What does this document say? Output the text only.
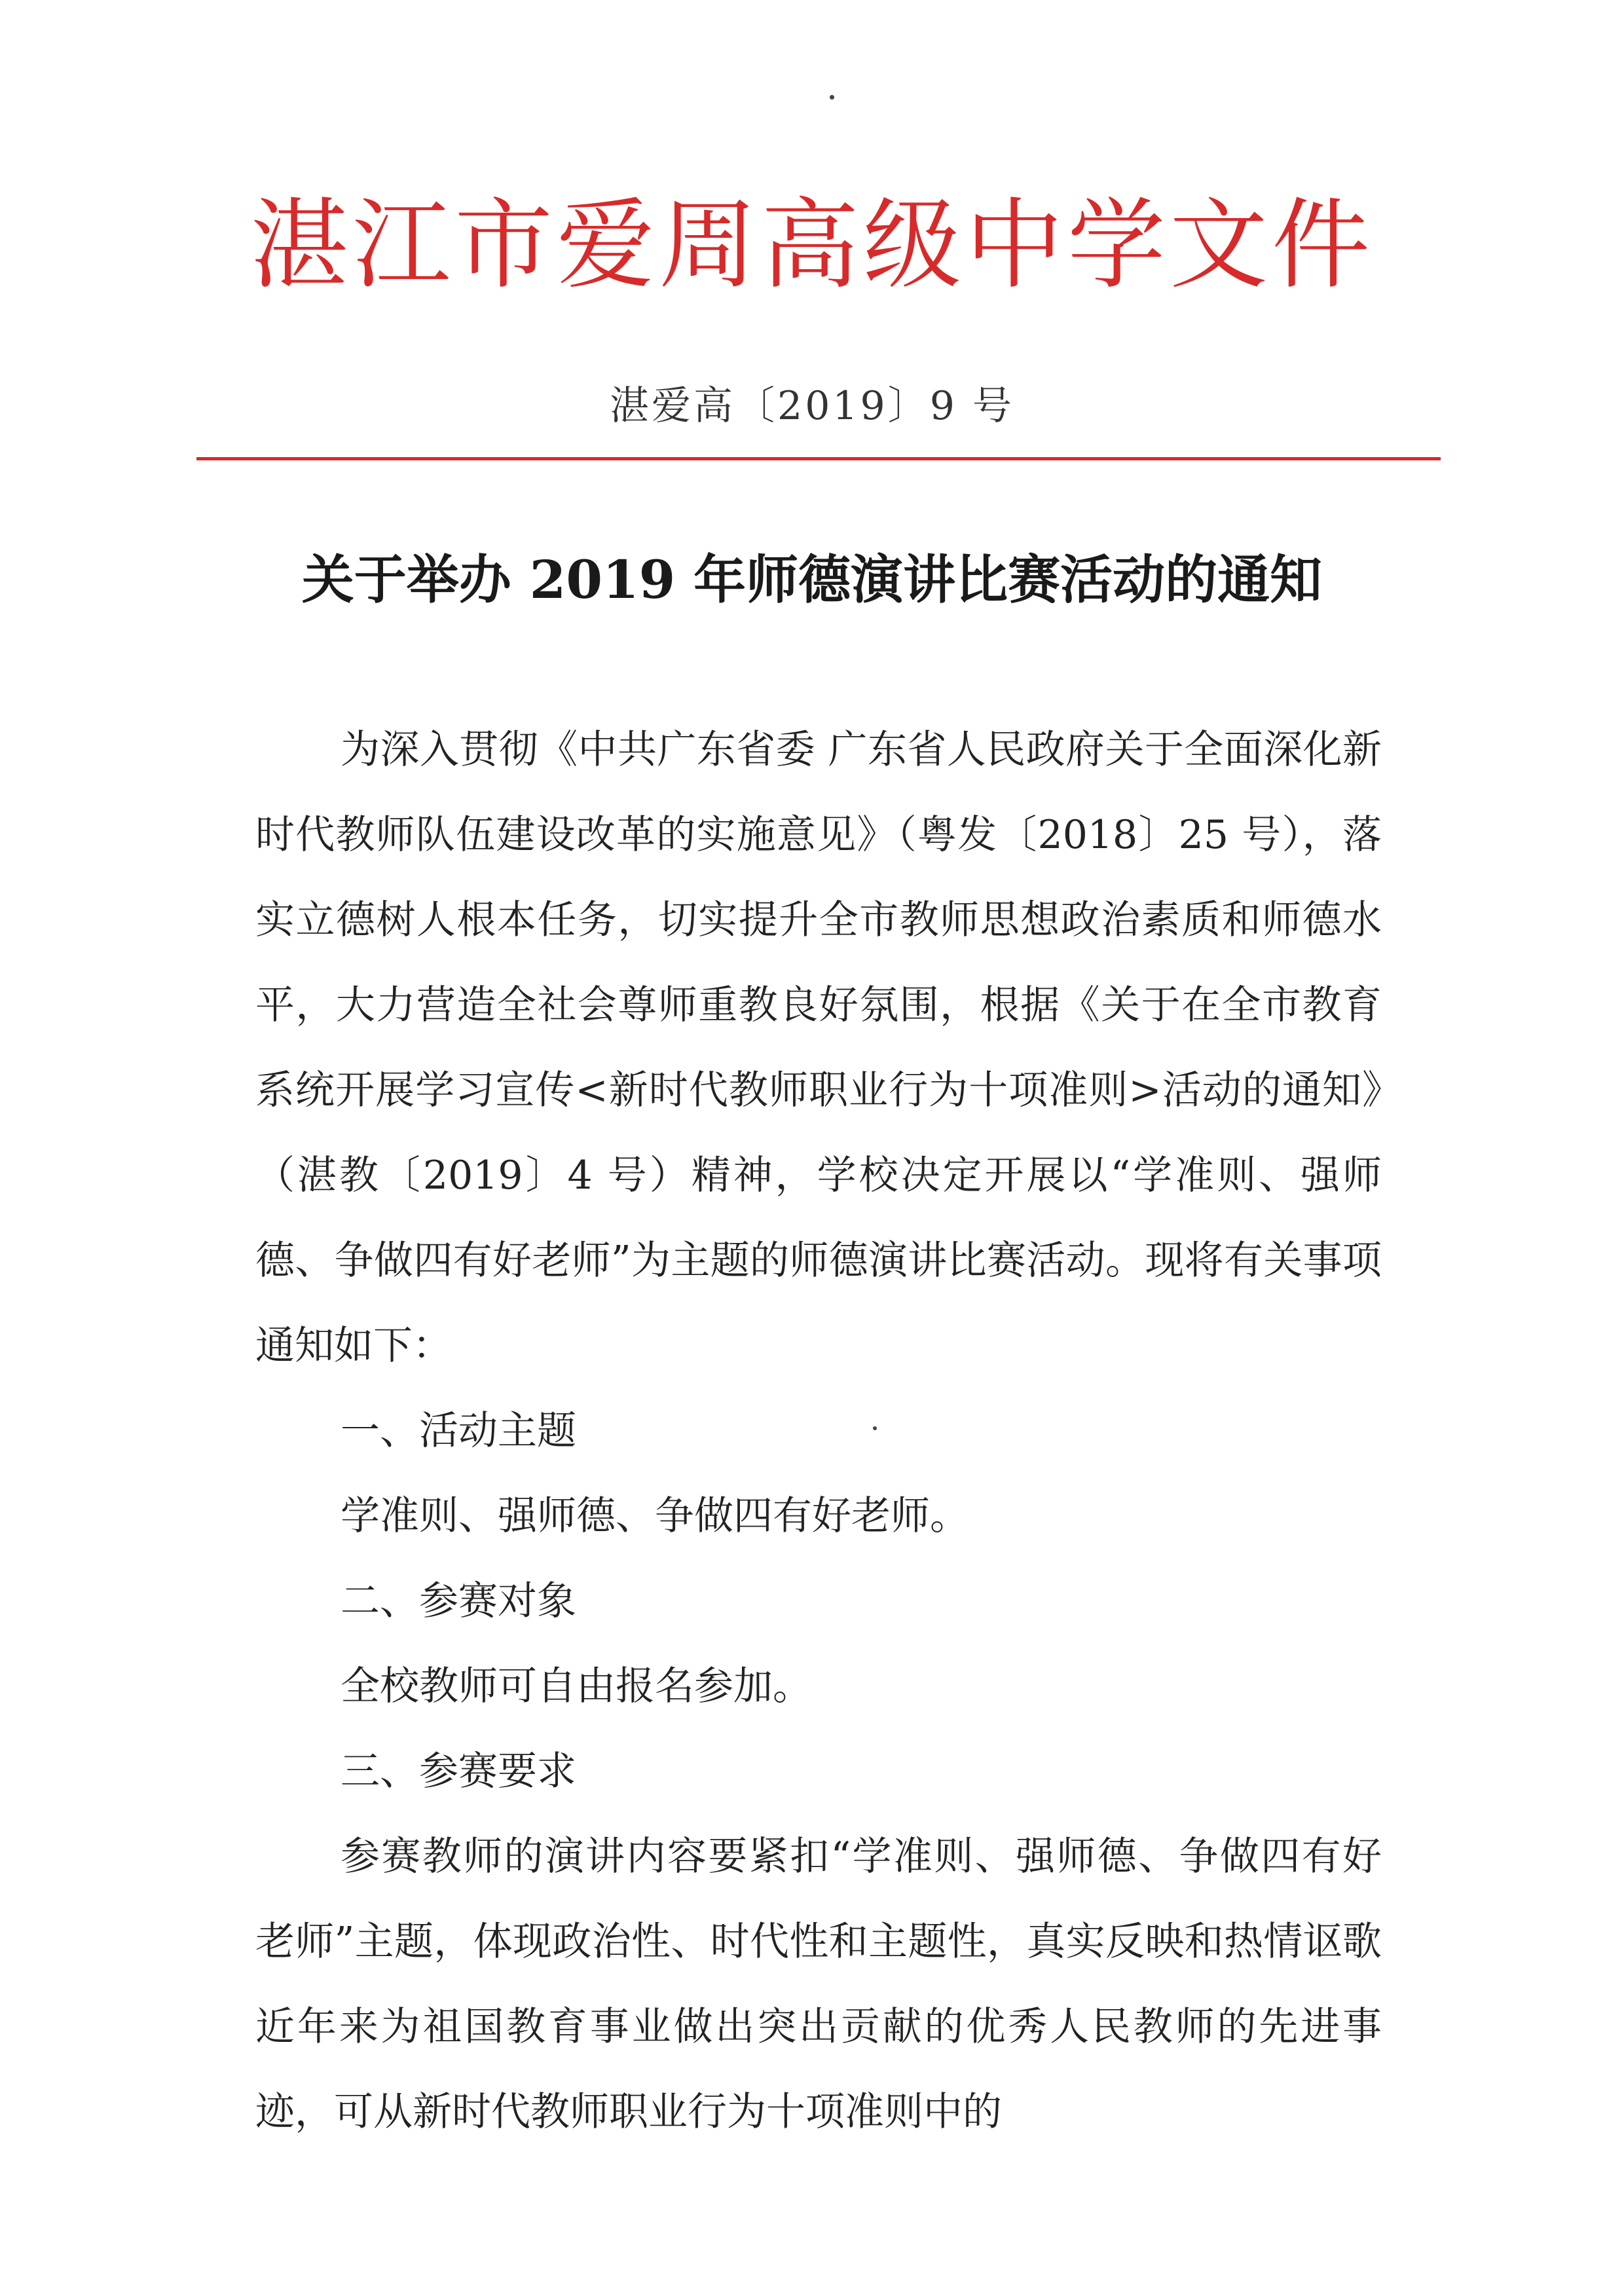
湛江市爱周高级中学文件
湛爱高〔2019〕9 号
关于举办 2019 年师德演讲比赛活动的通知

为深入贯彻《中共广东省委 广东省人民政府关于全面深化新时代教师队伍建设改革的实施意见》（粤发〔2018〕25 号），落实立德树人根本任务，切实提升全市教师思想政治素质和师德水平，大力营造全社会尊师重教良好氛围，根据《关于在全市教育系统开展学习宣传<新时代教师职业行为十项准则>活动的通知》（湛教〔2019〕4 号）精神，学校决定开展以“学准则、强师德、争做四有好老师”为主题的师德演讲比赛活动。现将有关事项通知如下：

一、活动主题

学准则、强师德、争做四有好老师。

二、参赛对象

全校教师可自由报名参加。

三、参赛要求

参赛教师的演讲内容要紧扣“学准则、强师德、争做四有好老师”主题，体现政治性、时代性和主题性，真实反映和热情讴歌近年来为祖国教育事业做出突出贡献的优秀人民教师的先进事迹，可从新时代教师职业行为十项准则中的
